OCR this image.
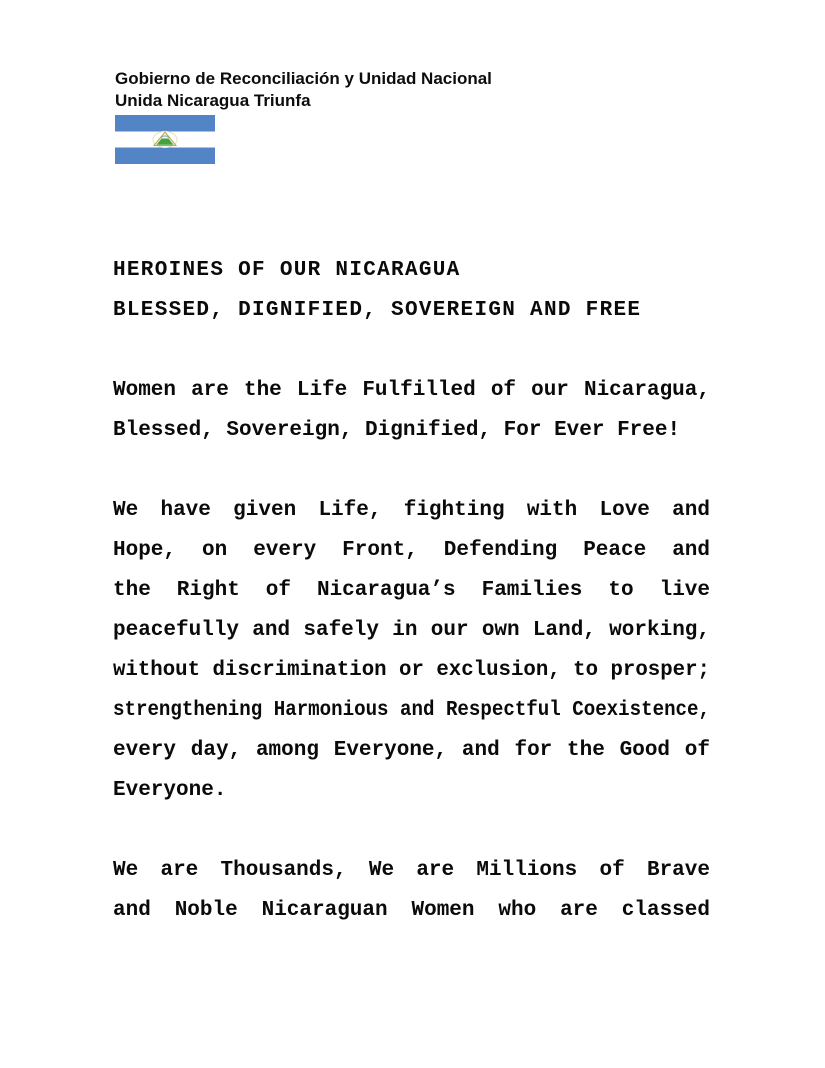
Gobierno de Reconciliación y Unidad Nacional
Unida Nicaragua Triunfa
HEROINES OF OUR NICARAGUA
BLESSED, DIGNIFIED, SOVEREIGN AND FREE
Women are the Life Fulfilled of our Nicaragua,
Blessed, Sovereign, Dignified, For Ever Free!
We have given Life, fighting with Love and
Hope, on every Front, Defending Peace and
the Right of Nicaragua’s Families to live
peacefully and safely in our own Land, working,
without discrimination or exclusion, to prosper;
strengthening Harmonious and Respectful Coexistence,
every day, among Everyone, and for the Good of
Everyone.
We are Thousands, We are Millions of Brave
and Noble Nicaraguan Women who are classed
